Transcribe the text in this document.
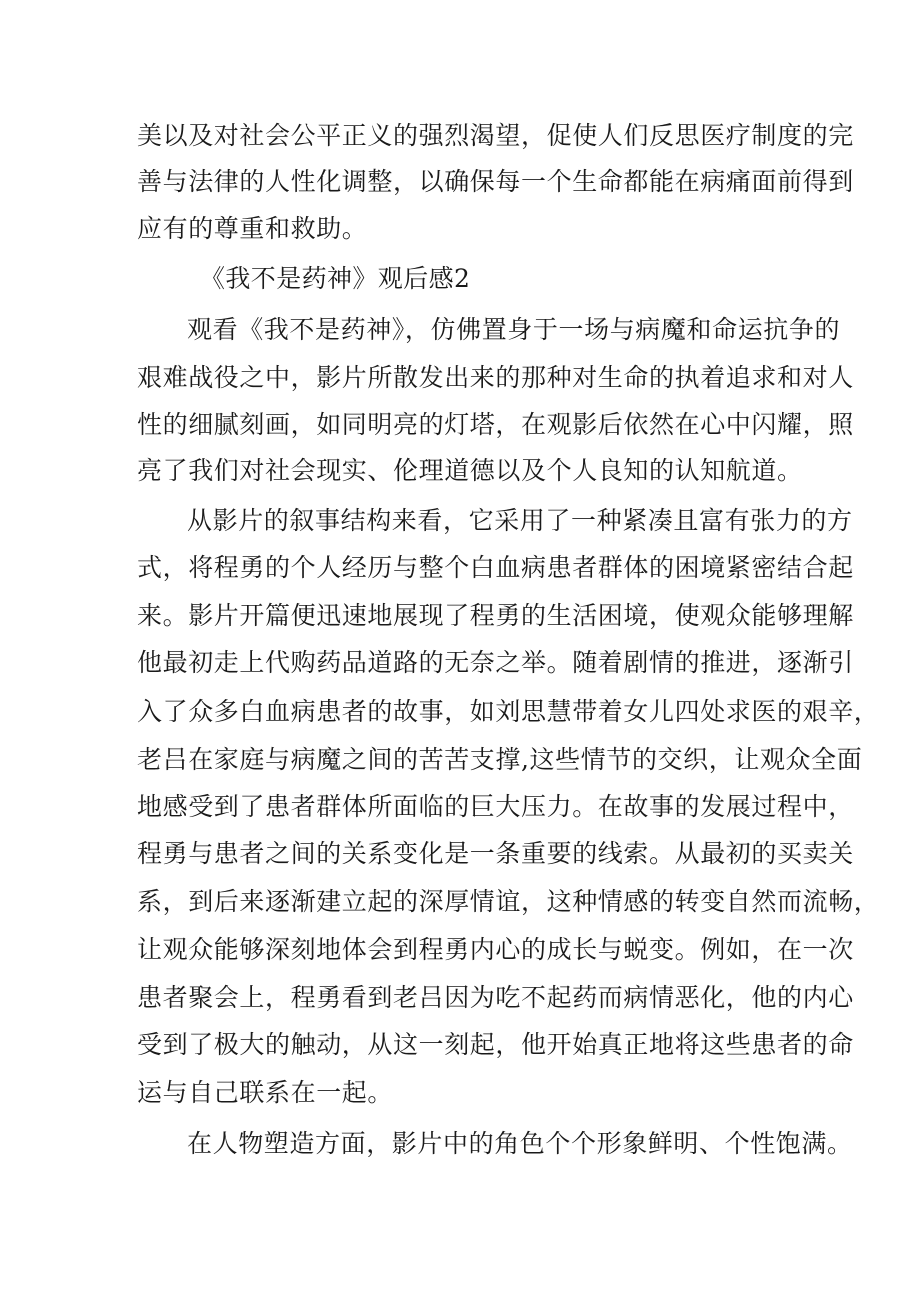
美以及对社会公平正义的强烈渴望，促使人们反思医疗制度的完
善与法律的人性化调整，以确保每一个生命都能在病痛面前得到
应有的尊重和救助。
《我不是药神》观后感2
观看《我不是药神》，仿佛置身于一场与病魔和命运抗争的
艰难战役之中，影片所散发出来的那种对生命的执着追求和对人
性的细腻刻画，如同明亮的灯塔，在观影后依然在心中闪耀，照
亮了我们对社会现实、伦理道德以及个人良知的认知航道。
从影片的叙事结构来看，它采用了一种紧凑且富有张力的方
式，将程勇的个人经历与整个白血病患者群体的困境紧密结合起
来。影片开篇便迅速地展现了程勇的生活困境，使观众能够理解
他最初走上代购药品道路的无奈之举。随着剧情的推进，逐渐引
入了众多白血病患者的故事，如刘思慧带着女儿四处求医的艰辛，
老吕在家庭与病魔之间的苦苦支撑,这些情节的交织，让观众全面
地感受到了患者群体所面临的巨大压力。在故事的发展过程中，
程勇与患者之间的关系变化是一条重要的线索。从最初的买卖关
系，到后来逐渐建立起的深厚情谊，这种情感的转变自然而流畅，
让观众能够深刻地体会到程勇内心的成长与蜕变。例如，在一次
患者聚会上，程勇看到老吕因为吃不起药而病情恶化，他的内心
受到了极大的触动，从这一刻起，他开始真正地将这些患者的命
运与自己联系在一起。
在人物塑造方面，影片中的角色个个形象鲜明、个性饱满。
